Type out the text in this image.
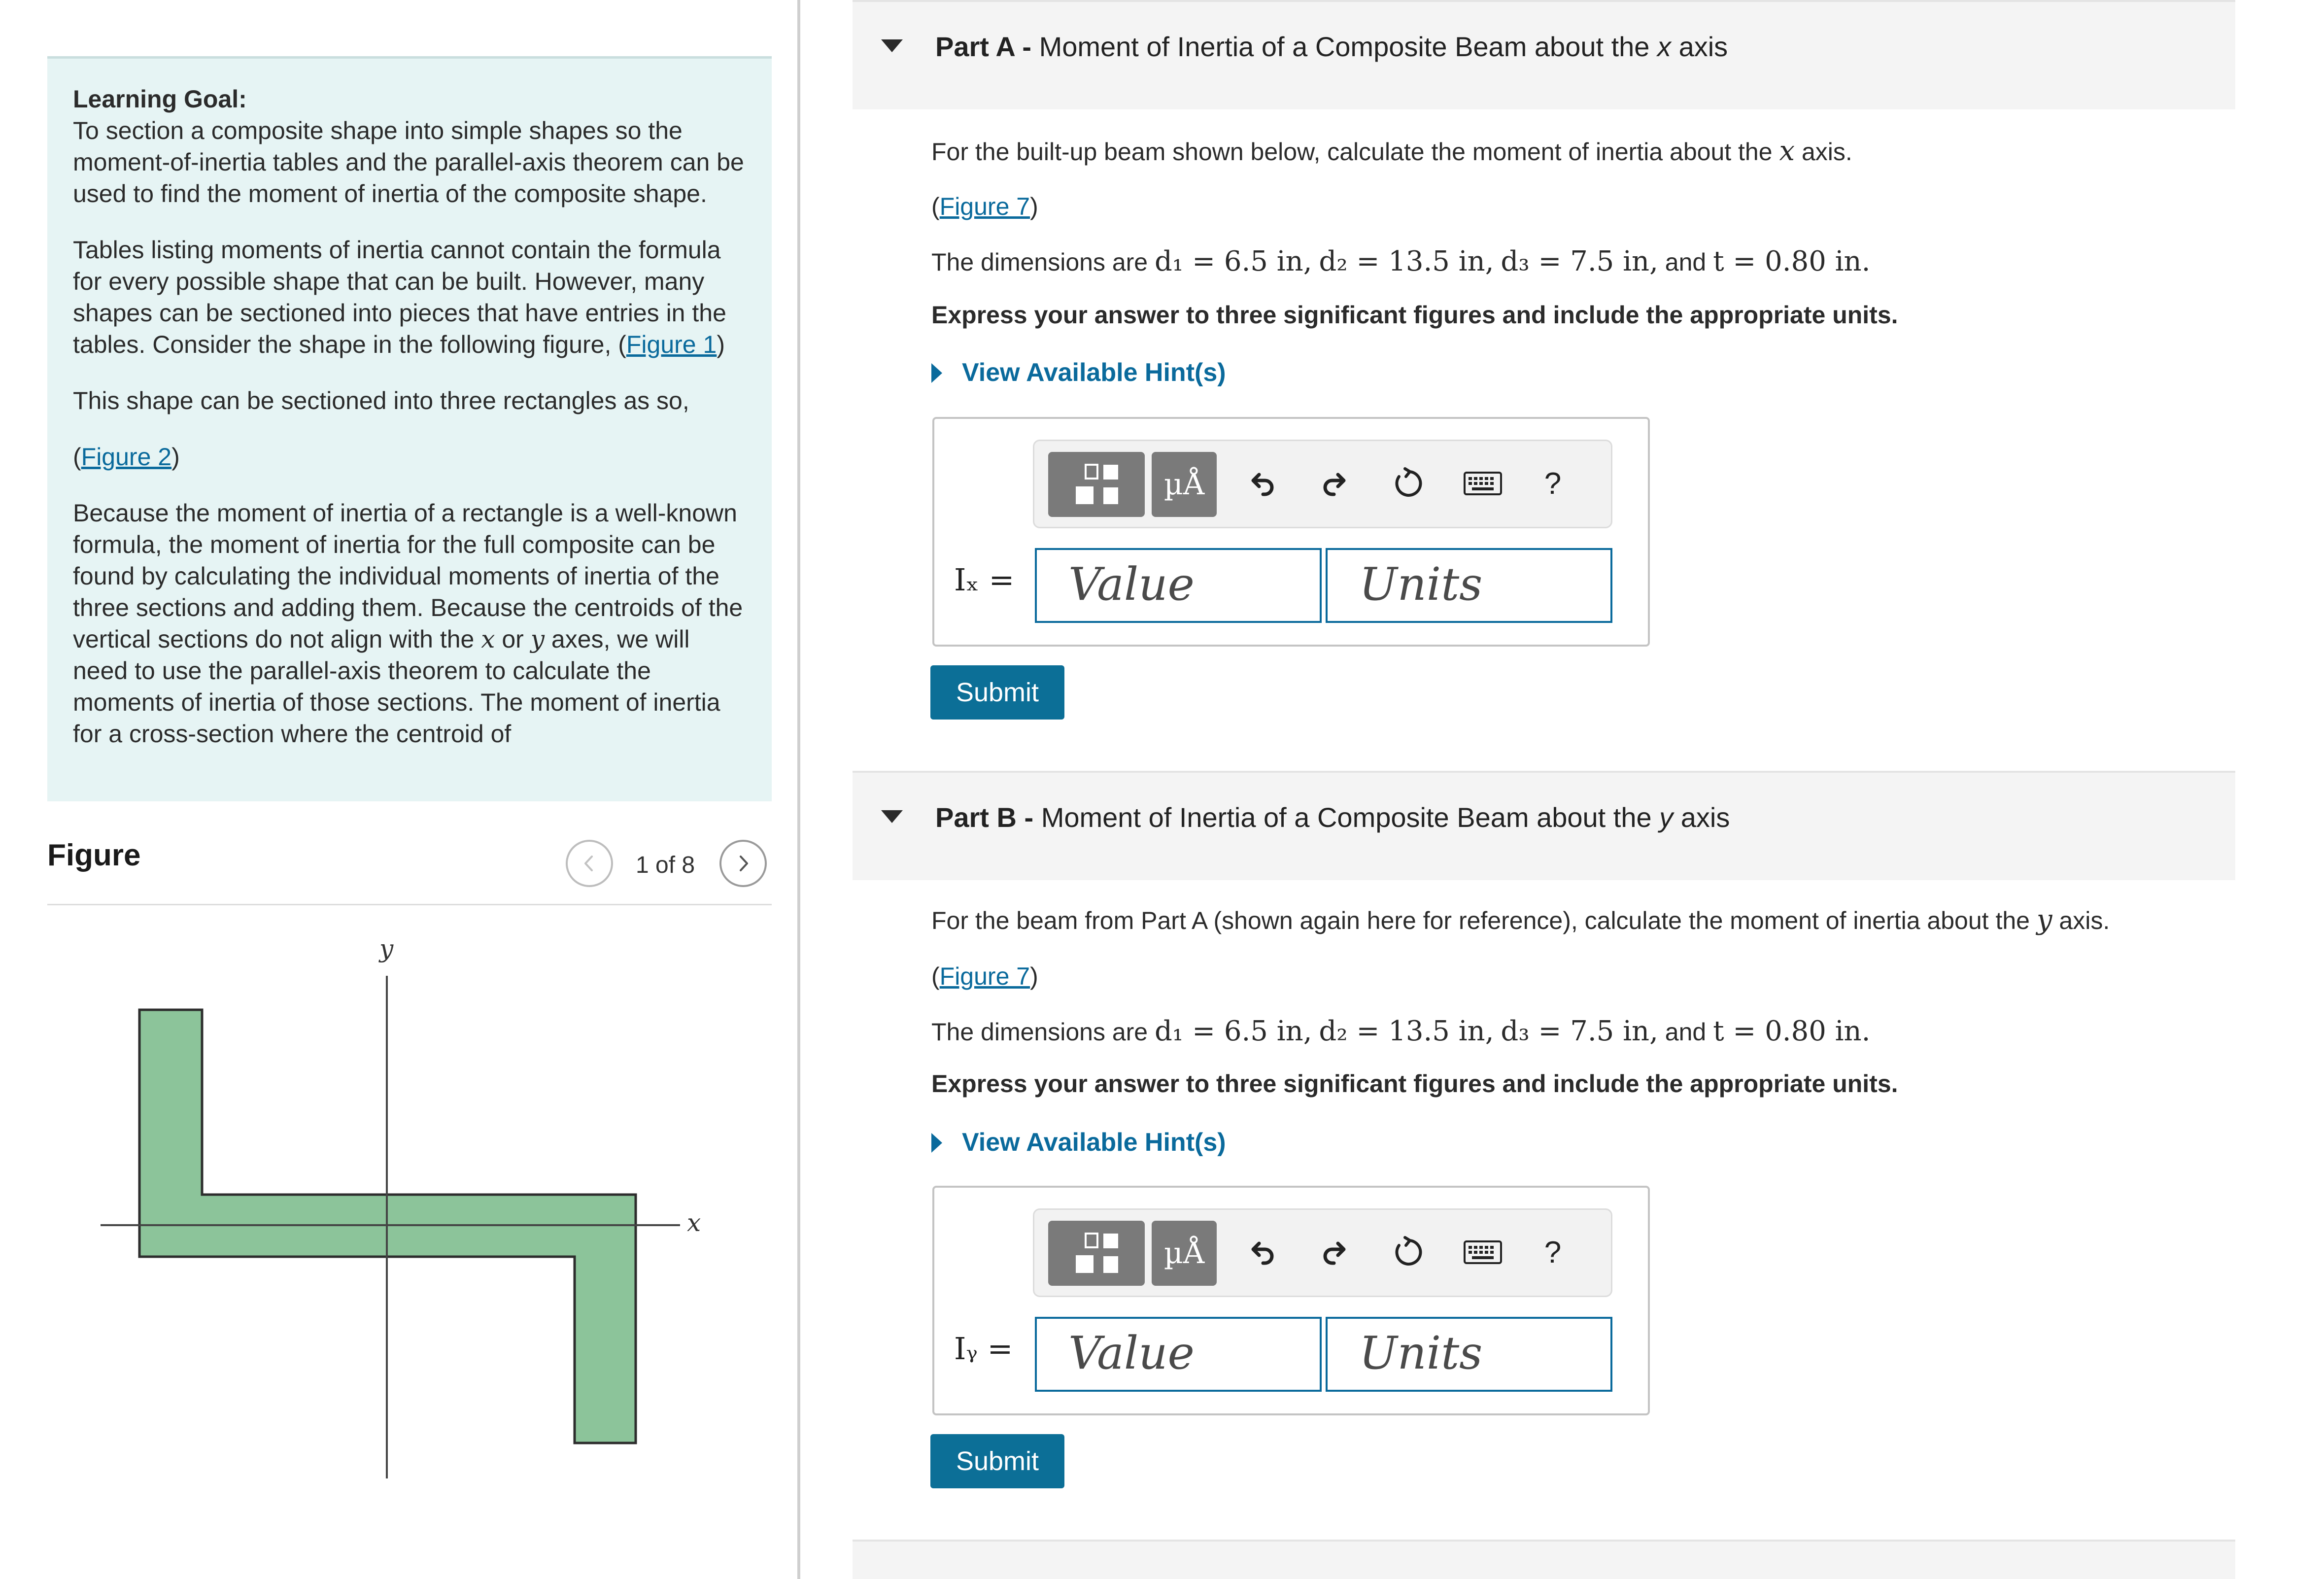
Learning Goal:
To section a composite shape into simple shapes so the moment-of-inertia tables and the parallel-axis theorem can be used to find the moment of inertia of the composite shape.

Tables listing moments of inertia cannot contain the formula for every possible shape that can be built. However, many shapes can be sectioned into pieces that have entries in the tables. Consider the shape in the following figure, (Figure 1)

This shape can be sectioned into three rectangles as so,

(Figure 2)

Because the moment of inertia of a rectangle is a well-known formula, the moment of inertia for the full composite can be found by calculating the individual moments of inertia of the three sections and adding them. Because the centroids of the vertical sections do not align with the x or y axes, we will need to use the parallel-axis theorem to calculate the moments of inertia of those sections. The moment of inertia for a cross-section where the centroid of

Figure	1 of 8
x
y
Part A - Moment of Inertia of a Composite Beam about the x axis
For the built-up beam shown below, calculate the moment of inertia about the x axis.
(Figure 7)
The dimensions are d₁ = 6.5 in, d₂ = 13.5 in, d₃ = 7.5 in, and t = 0.80 in.
Express your answer to three significant figures and include the appropriate units.
View Available Hint(s)
µÅ	?
Iₓ =	Value	Units
Submit
Part B - Moment of Inertia of a Composite Beam about the y axis
For the beam from Part A (shown again here for reference), calculate the moment of inertia about the y axis.
(Figure 7)
The dimensions are d₁ = 6.5 in, d₂ = 13.5 in, d₃ = 7.5 in, and t = 0.80 in.
Express your answer to three significant figures and include the appropriate units.
View Available Hint(s)
µÅ	?
Iᵧ =	Value	Units
Submit
